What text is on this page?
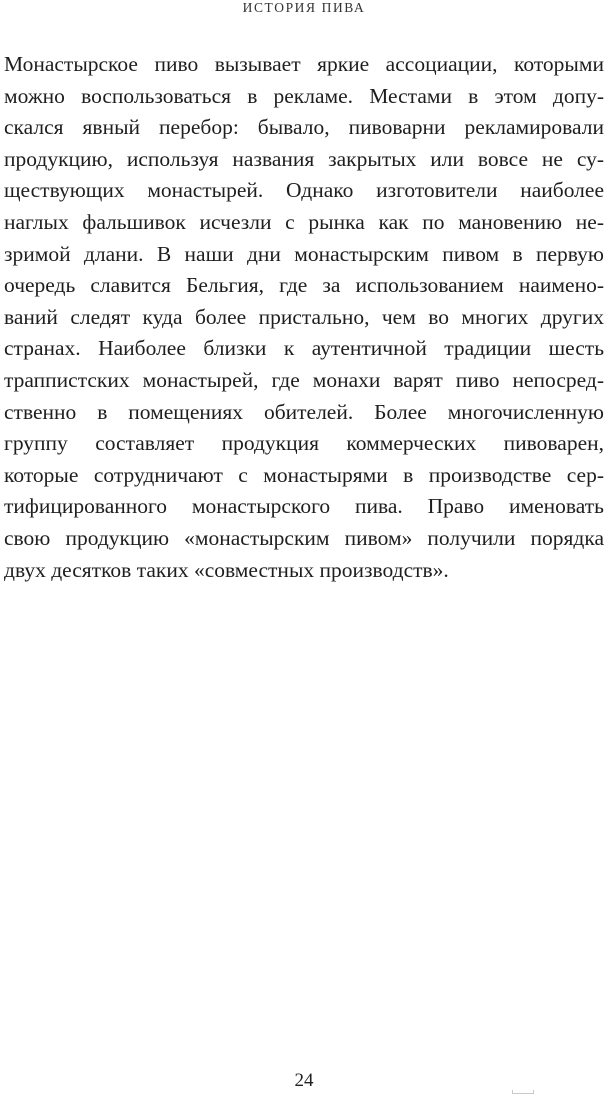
ИСТОРИЯ ПИВА

Монастырское пиво вызывает яркие ассоциации, которыми
можно воспользоваться в рекламе. Местами в этом допу-
скался явный перебор: бывало, пивоварни рекламировали
продукцию, используя названия закрытых или вовсе не су-
ществующих монастырей. Однако изготовители наиболее
наглых фальшивок исчезли с рынка как по мановению не-
зримой длани. В наши дни монастырским пивом в первую
очередь славится Бельгия, где за использованием наимено-
ваний следят куда более пристально, чем во многих других
странах. Наиболее близки к аутентичной традиции шесть
траппистских монастырей, где монахи варят пиво непосред-
ственно в помещениях обителей. Более многочисленную
группу составляет продукция коммерческих пивоварен,
которые сотрудничают с монастырями в производстве сер-
тифицированного монастырского пива. Право именовать
свою продукцию «монастырским пивом» получили порядка
двух десятков таких «совместных производств».

24
